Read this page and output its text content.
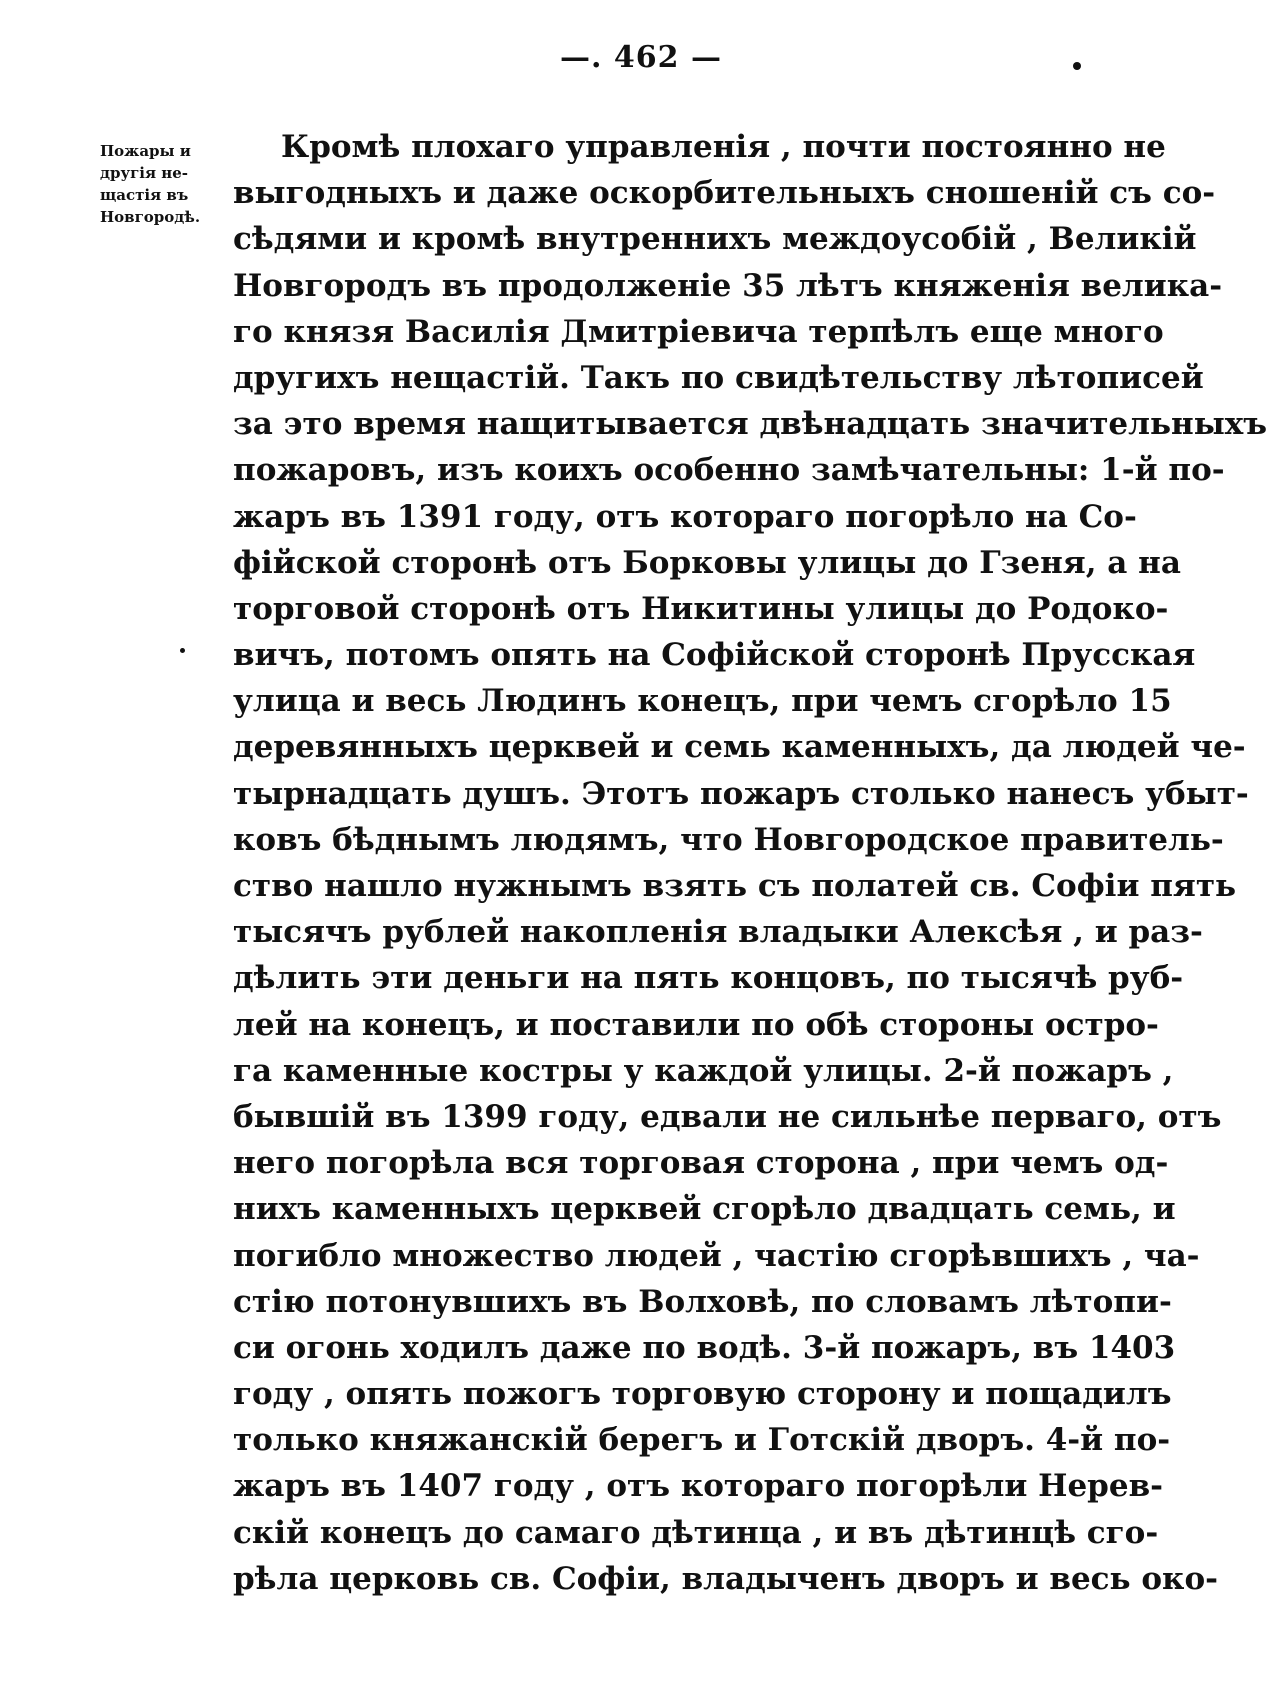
—. 462 —
Пожары и
другія не-
щастія въ
Новгородѣ.
Кромѣ плохаго управленія , почти постоянно не
выгодныхъ и даже оскорбительныхъ сношеній съ со-
сѣдями и кромѣ внутреннихъ междоусобій , Великій
Новгородъ въ продолженіе 35 лѣтъ княженія велика-
го князя Василія Дмитріевича терпѣлъ еще много
другихъ нещастій. Такъ по свидѣтельству лѣтописей
за это время нащитывается двѣнадцать значительныхъ
пожаровъ, изъ коихъ особенно замѣчательны: 1-й по-
жаръ въ 1391 году, отъ котораго погорѣло на Со-
фійской сторонѣ отъ Борковы улицы до Гзеня, а на
торговой сторонѣ отъ Никитины улицы до Родоко-
вичъ, потомъ опять на Софійской сторонѣ Прусская
улица и весь Людинъ конецъ, при чемъ сгорѣло 15
деревянныхъ церквей и семь каменныхъ, да людей че-
тырнадцать душъ. Этотъ пожаръ столько нанесъ убыт-
ковъ бѣднымъ людямъ, что Новгородское правитель-
ство нашло нужнымъ взять съ полатей св. Софіи пять
тысячъ рублей накопленія владыки Алексѣя , и раз-
дѣлить эти деньги на пять концовъ, по тысячѣ руб-
лей на конецъ, и поставили по обѣ стороны остро-
га каменные костры у каждой улицы. 2-й пожаръ ,
бывшій въ 1399 году, едвали не сильнѣе перваго, отъ
него погорѣла вся торговая сторона , при чемъ од-
нихъ каменныхъ церквей сгорѣло двадцать семь, и
погибло множество людей , частію сгорѣвшихъ , ча-
стію потонувшихъ въ Волховѣ, по словамъ лѣтопи-
си огонь ходилъ даже по водѣ. 3-й пожаръ, въ 1403
году , опять пожогъ торговую сторону и пощадилъ
только княжанскій берегъ и Готскій дворъ. 4-й по-
жаръ въ 1407 году , отъ котораго погорѣли Нерев-
скій конецъ до самаго дѣтинца , и въ дѣтинцѣ сго-
рѣла церковь св. Софіи, владыченъ дворъ и весь око-
